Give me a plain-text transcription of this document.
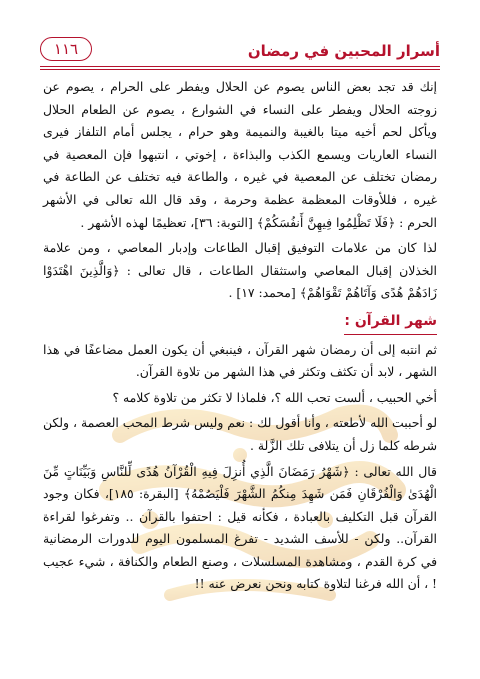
أسرار المحبين في رمضان
١١٦

إنك قد تجد بعض الناس يصوم عن الحلال ويفطر على الحرام ، يصوم عن زوجته الحلال ويفطر على النساء في الشوارع ، يصوم عن الطعام الحلال ويأكل لحم أخيه ميتا بالغيبة والنميمة وهو حرام ، يجلس أمام التلفاز فيرى النساء العاريات ويسمع الكذب والبذاءة ، إخوتي ، انتبهوا فإن المعصية في رمضان تختلف عن المعصية في غيره ، والطاعة فيه تختلف عن الطاعة في غيره ، فللأوقات المعظمة عظمة وحرمة ، وقد قال الله تعالى في الأشهر الحرم : ﴿فَلَا تَظْلِمُوا فِيهِنَّ أَنفُسَكُمْ﴾ [التوبة: ٣٦]، تعظيمًا لهذه الأشهر .

لذا كان من علامات التوفيق إقبال الطاعات وإدبار المعاصي ، ومن علامة الخذلان إقبال المعاصي واستثقال الطاعات ، قال تعالى : ﴿وَالَّذِينَ اهْتَدَوْا زَادَهُمْ هُدًى وَآتَاهُمْ تَقْوَاهُمْ﴾ [محمد: ١٧] .

شهر القرآن :

ثم انتبه إلى أن رمضان شهر القرآن ، فينبغي أن يكون العمل مضاعفًا في هذا الشهر ، لابد أن تكثف وتكثر في هذا الشهر من تلاوة القرآن.

أخي الحبيب ، ألست تحب الله ؟، فلماذا لا تكثر من تلاوة كلامه ؟

لو أحببت الله لأطعته ، وأنا أقول لك : نعم وليس شرط المحب العصمة ، ولكن شرطه كلما زل أن يتلافى تلك الزَّلة .

قال الله تعالى : ﴿شَهْرُ رَمَضَانَ الَّذِي أُنزِلَ فِيهِ الْقُرْآنُ هُدًى لِّلنَّاسِ وَبَيِّنَاتٍ مِّنَ الْهُدَىٰ وَالْفُرْقَانِ فَمَن شَهِدَ مِنكُمُ الشَّهْرَ فَلْيَصُمْهُ﴾ [البقرة: ١٨٥]، فكان وجود القرآن قبل التكليف بالعبادة ، فكأنه قيل : احتفوا بالقرآن .. وتفرغوا لقراءة القرآن.. ولكن - للأسف الشديد - تفرغ المسلمون اليوم للدورات الرمضانية في كرة القدم ، ومشاهدة المسلسلات ، وصنع الطعام والكنافة ، شيء عجيب ! ، أن الله فرغنا لتلاوة كتابه ونحن نعرض عنه !!
